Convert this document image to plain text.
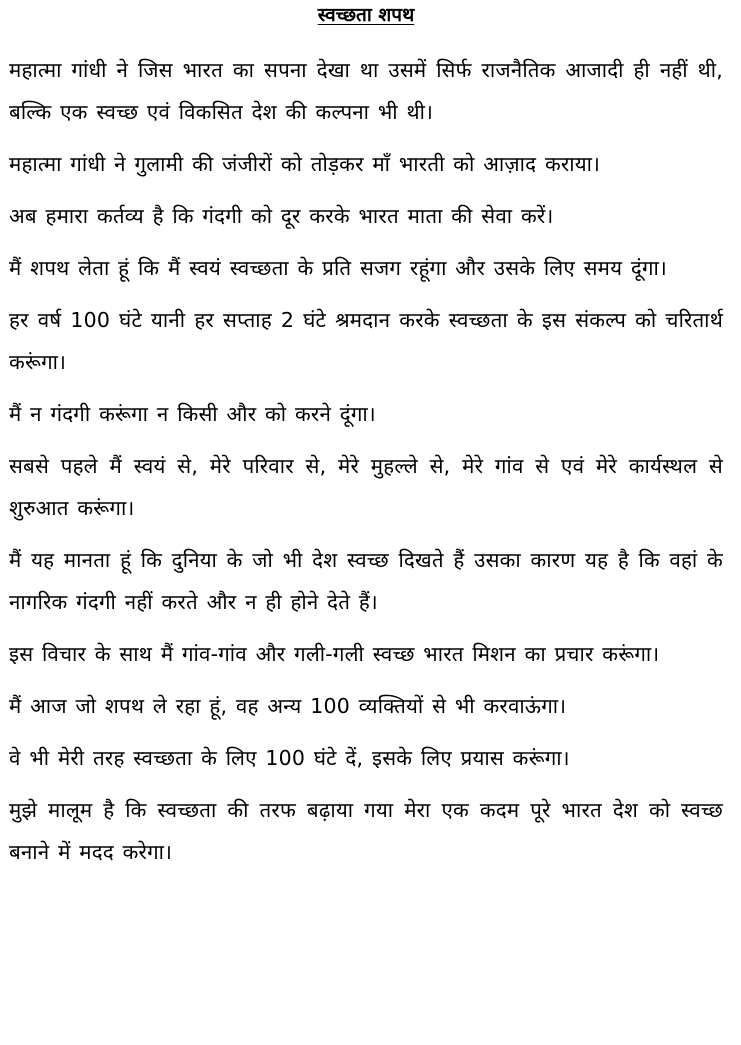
स्वच्छता शपथ

महात्मा गांधी ने जिस भारत का सपना देखा था उसमें सिर्फ राजनैतिक आजादी ही नहीं थी, बल्कि एक स्वच्छ एवं विकसित देश की कल्पना भी थी।

महात्मा गांधी ने गुलामी की जंजीरों को तोड़कर माँ भारती को आज़ाद कराया।

अब हमारा कर्तव्य है कि गंदगी को दूर करके भारत माता की सेवा करें।

मैं शपथ लेता हूं कि मैं स्वयं स्वच्छता के प्रति सजग रहूंगा और उसके लिए समय दूंगा।

हर वर्ष 100 घंटे यानी हर सप्ताह 2 घंटे श्रमदान करके स्वच्छता के इस संकल्प को चरितार्थ करूंगा।

मैं न गंदगी करूंगा न किसी और को करने दूंगा।

सबसे पहले मैं स्वयं से, मेरे परिवार से, मेरे मुहल्ले से, मेरे गांव से एवं मेरे कार्यस्थल से शुरुआत करूंगा।

मैं यह मानता हूं कि दुनिया के जो भी देश स्वच्छ दिखते हैं उसका कारण यह है कि वहां के नागरिक गंदगी नहीं करते और न ही होने देते हैं।

इस विचार के साथ मैं गांव-गांव और गली-गली स्वच्छ भारत मिशन का प्रचार करूंगा।

मैं आज जो शपथ ले रहा हूं, वह अन्य 100 व्यक्तियों से भी करवाऊंगा।

वे भी मेरी तरह स्वच्छता के लिए 100 घंटे दें, इसके लिए प्रयास करूंगा।

मुझे मालूम है कि स्वच्छता की तरफ बढ़ाया गया मेरा एक कदम पूरे भारत देश को स्वच्छ बनाने में मदद करेगा।
